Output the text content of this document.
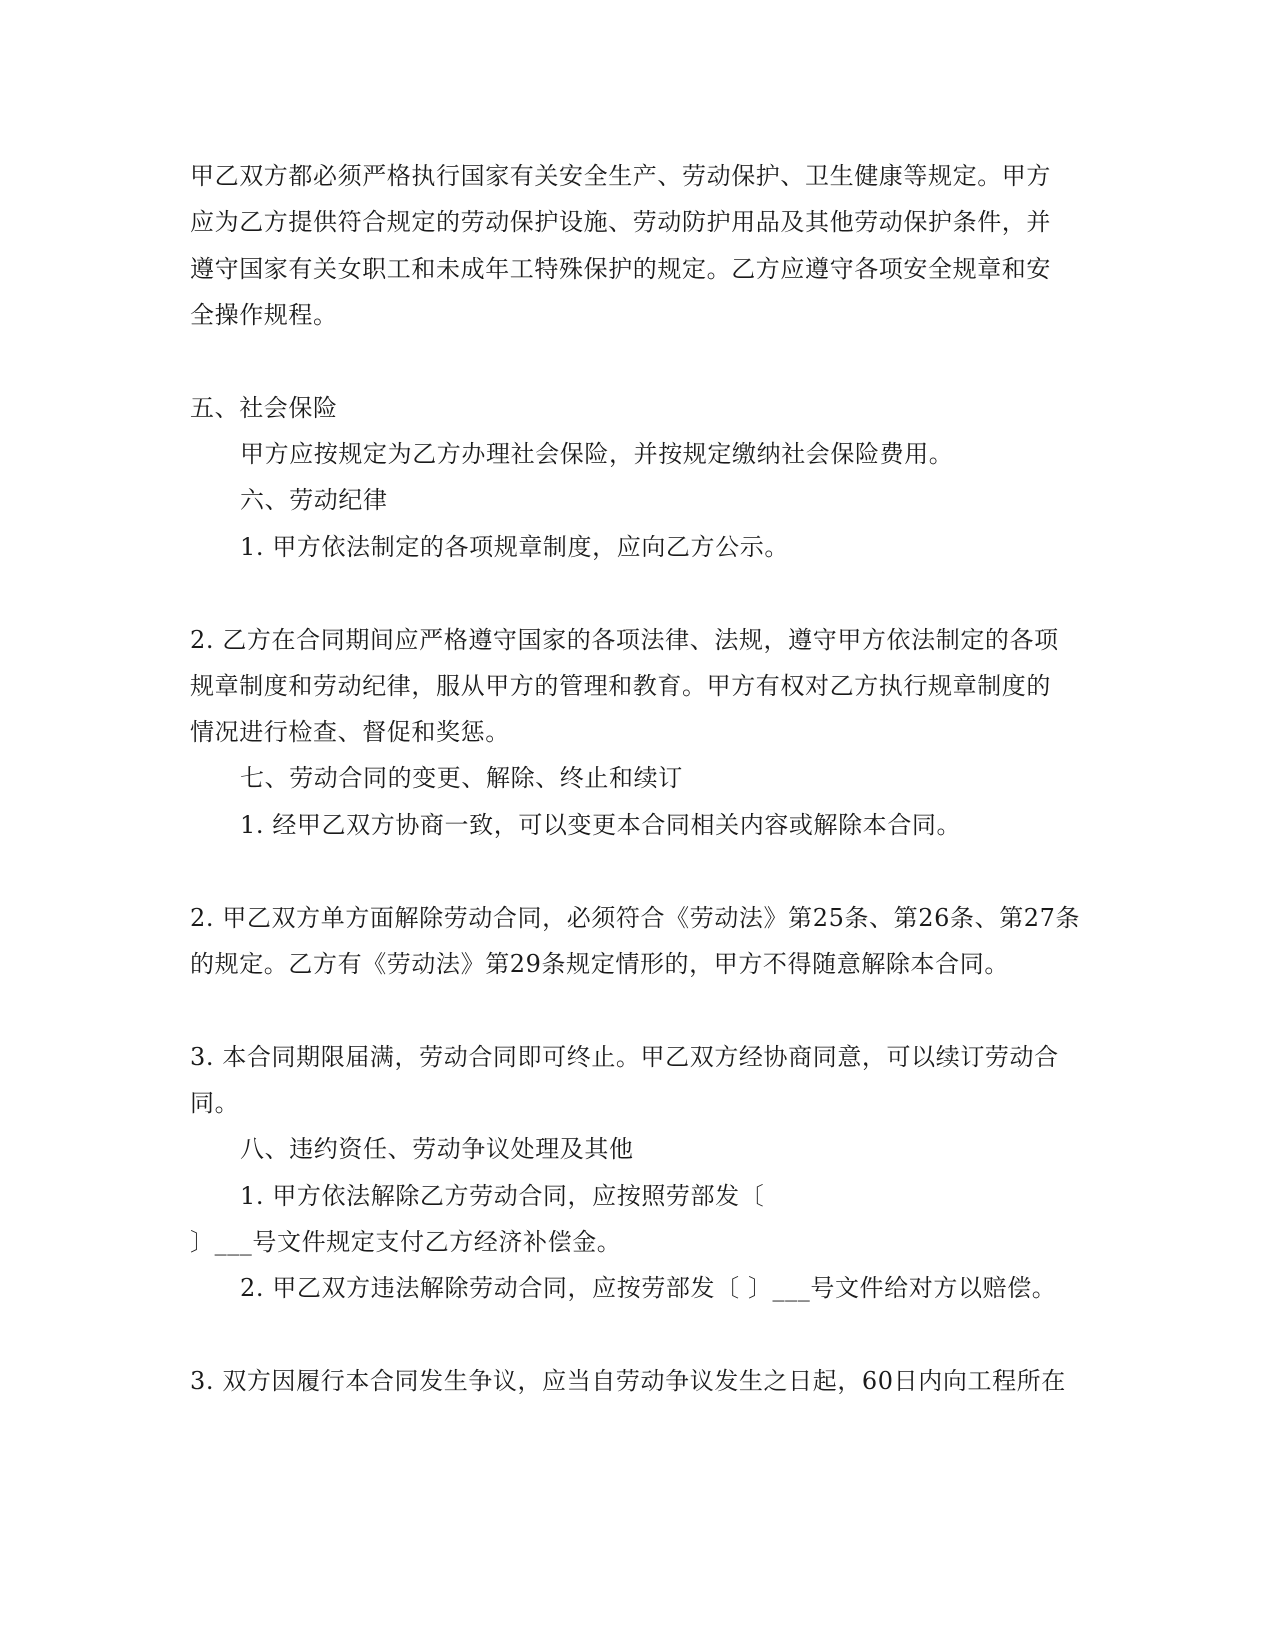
甲乙双方都必须严格执行国家有关安全生产、劳动保护、卫生健康等规定。甲方
应为乙方提供符合规定的劳动保护设施、劳动防护用品及其他劳动保护条件，并
遵守国家有关女职工和未成年工特殊保护的规定。乙方应遵守各项安全规章和安
全操作规程。
五、社会保险
甲方应按规定为乙方办理社会保险，并按规定缴纳社会保险费用。
六、劳动纪律
1. 甲方依法制定的各项规章制度，应向乙方公示。
2. 乙方在合同期间应严格遵守国家的各项法律、法规，遵守甲方依法制定的各项
规章制度和劳动纪律，服从甲方的管理和教育。甲方有权对乙方执行规章制度的
情况进行检查、督促和奖惩。
七、劳动合同的变更、解除、终止和续订
1. 经甲乙双方协商一致，可以变更本合同相关内容或解除本合同。
2. 甲乙双方单方面解除劳动合同，必须符合《劳动法》第25条、第26条、第27条
的规定。乙方有《劳动法》第29条规定情形的，甲方不得随意解除本合同。
3. 本合同期限届满，劳动合同即可终止。甲乙双方经协商同意，可以续订劳动合
同。
八、违约资任、劳动争议处理及其他
1. 甲方依法解除乙方劳动合同，应按照劳部发〔
〕___号文件规定支付乙方经济补偿金。
2. 甲乙双方违法解除劳动合同，应按劳部发〔 〕___号文件给对方以赔偿。
3. 双方因履行本合同发生争议，应当自劳动争议发生之日起，60日内向工程所在
